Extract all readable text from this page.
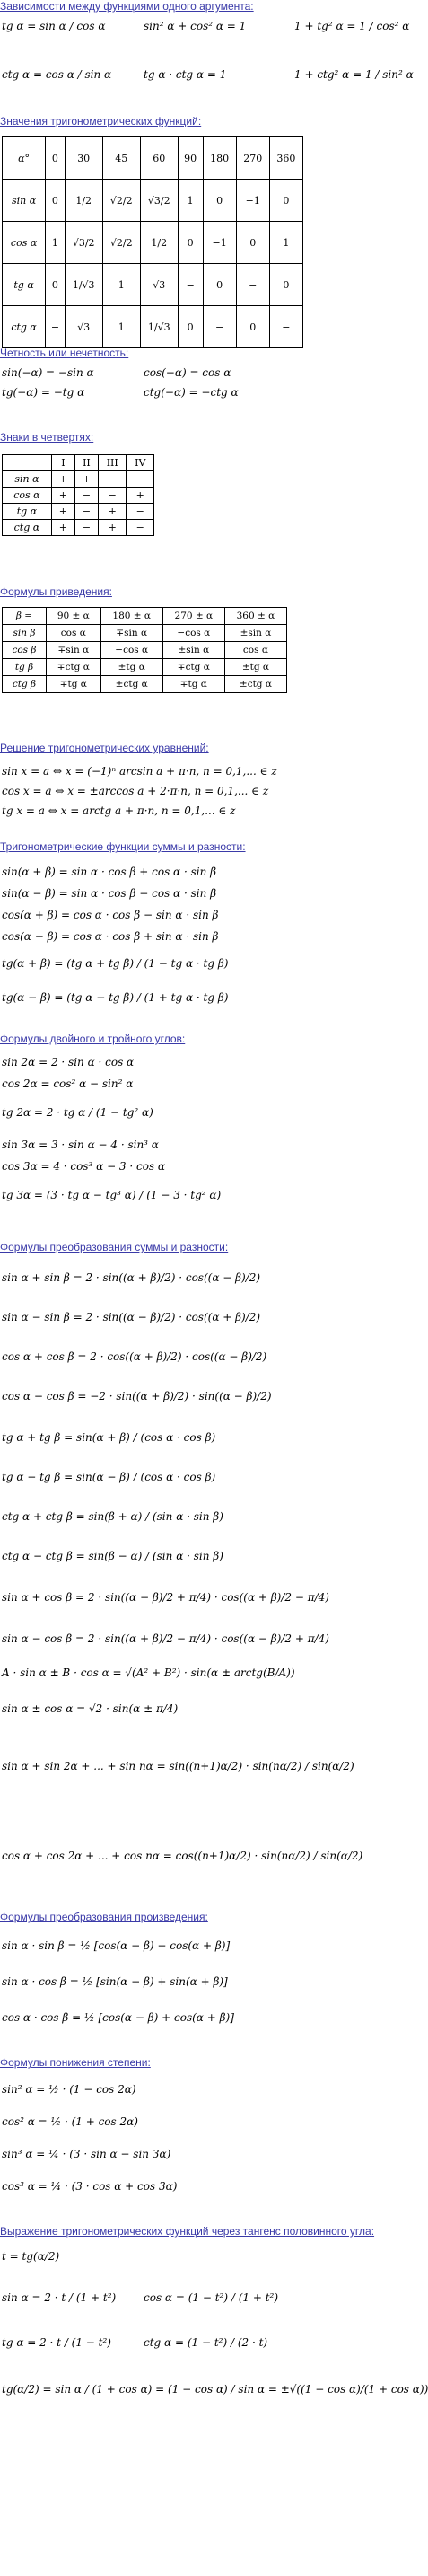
Зависимости между функциями одного аргумента:
tg α = sin α / cos α	sin² α + cos² α = 1	1 + tg² α = 1 / cos² α
ctg α = cos α / sin α	tg α · ctg α = 1	1 + ctg² α = 1 / sin² α
Значения тригонометрических функций:
α°	0	30	45	60	90	180	270	360
sin α	0	1/2	√2/2	√3/2	1	0	−1	0
cos α	1	√3/2	√2/2	1/2	0	−1	0	1
tg α	0	1/√3	1	√3	−	0	−	0
ctg α	−	√3	1	1/√3	0	−	0	−
Четность или нечетность:
sin(−α) = −sin α	cos(−α) = cos α
tg(−α) = −tg α	ctg(−α) = −ctg α
Знаки в четвертях:
	I	II	III	IV
sin α	+	+	−	−
cos α	+	−	−	+
tg α	+	−	+	−
ctg α	+	−	+	−
Формулы приведения:
β =	90 ± α	180 ± α	270 ± α	360 ± α
sin β	cos α	∓sin α	−cos α	±sin α
cos β	∓sin α	−cos α	±sin α	cos α
tg β	∓ctg α	±tg α	∓ctg α	±tg α
ctg β	∓tg α	±ctg α	∓tg α	±ctg α
Решение тригонометрических уравнений:
sin x = a ⇔ x = (−1)ⁿ arcsin a + π·n, n = 0,1,... ∈ z
cos x = a ⇔ x = ±arccos a + 2·π·n, n = 0,1,... ∈ z
tg x = a ⇔ x = arctg a + π·n, n = 0,1,... ∈ z
Тригонометрические функции суммы и разности:
sin(α + β) = sin α · cos β + cos α · sin β
sin(α − β) = sin α · cos β − cos α · sin β
cos(α + β) = cos α · cos β − sin α · sin β
cos(α − β) = cos α · cos β + sin α · sin β
tg(α + β) = (tg α + tg β) / (1 − tg α · tg β)
tg(α − β) = (tg α − tg β) / (1 + tg α · tg β)
Формулы двойного и тройного углов:
sin 2α = 2 · sin α · cos α
cos 2α = cos² α − sin² α
tg 2α = 2 · tg α / (1 − tg² α)
sin 3α = 3 · sin α − 4 · sin³ α
cos 3α = 4 · cos³ α − 3 · cos α
tg 3α = (3 · tg α − tg³ α) / (1 − 3 · tg² α)
Формулы преобразования суммы и разности:
sin α + sin β = 2 · sin((α + β)/2) · cos((α − β)/2)
sin α − sin β = 2 · sin((α − β)/2) · cos((α + β)/2)
cos α + cos β = 2 · cos((α + β)/2) · cos((α − β)/2)
cos α − cos β = −2 · sin((α + β)/2) · sin((α − β)/2)
tg α + tg β = sin(α + β) / (cos α · cos β)
tg α − tg β = sin(α − β) / (cos α · cos β)
ctg α + ctg β = sin(β + α) / (sin α · sin β)
ctg α − ctg β = sin(β − α) / (sin α · sin β)
sin α + cos β = 2 · sin((α − β)/2 + π/4) · cos((α + β)/2 − π/4)
sin α − cos β = 2 · sin((α + β)/2 − π/4) · cos((α − β)/2 + π/4)
A · sin α ± B · cos α = √(A² + B²) · sin(α ± arctg(B/A))
sin α ± cos α = √2 · sin(α ± π/4)
sin α + sin 2α + ... + sin nα = sin((n+1)α/2) · sin(nα/2) / sin(α/2)
cos α + cos 2α + ... + cos nα = cos((n+1)α/2) · sin(nα/2) / sin(α/2)
Формулы преобразования произведения:
sin α · sin β = ½ [cos(α − β) − cos(α + β)]
sin α · cos β = ½ [sin(α − β) + sin(α + β)]
cos α · cos β = ½ [cos(α − β) + cos(α + β)]
Формулы понижения степени:
sin² α = ½ · (1 − cos 2α)
cos² α = ½ · (1 + cos 2α)
sin³ α = ¼ · (3 · sin α − sin 3α)
cos³ α = ¼ · (3 · cos α + cos 3α)
Выражение тригонометрических функций через тангенс половинного угла:
t = tg(α/2)
sin α = 2 · t / (1 + t²)	cos α = (1 − t²) / (1 + t²)
tg α = 2 · t / (1 − t²)	ctg α = (1 − t²) / (2 · t)
tg(α/2) = sin α / (1 + cos α) = (1 − cos α) / sin α = ±√((1 − cos α)/(1 + cos α))
